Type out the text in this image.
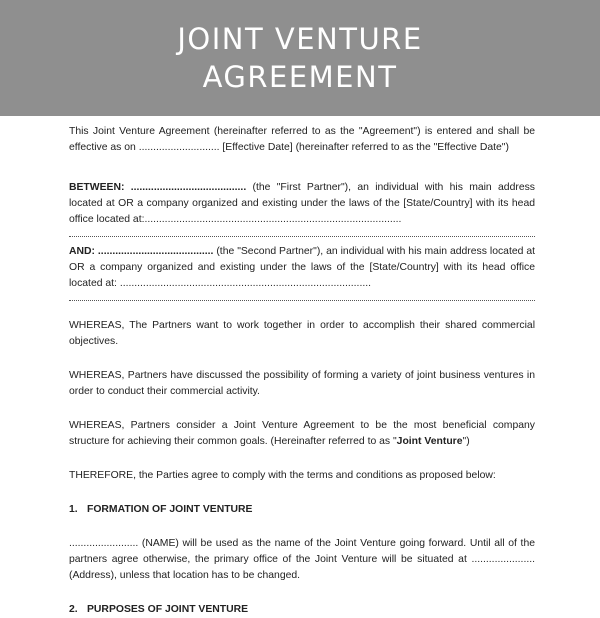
JOINT VENTURE
AGREEMENT

This Joint Venture Agreement (hereinafter referred to as the "Agreement") is entered and shall be effective as on ............................ [Effective Date] (hereinafter referred to as the "Effective Date")

BETWEEN: ........................................ (the "First Partner"), an individual with his main address located at OR a company organized and existing under the laws of the [State/Country] with its head office located at:.........................................................................................

AND: ........................................ (the "Second Partner"), an individual with his main address located at OR a company organized and existing under the laws of the [State/Country] with its head office located at: .......................................................................................

WHEREAS, The Partners want to work together in order to accomplish their shared commercial objectives.

WHEREAS, Partners have discussed the possibility of forming a variety of joint business ventures in order to conduct their commercial activity.

WHEREAS, Partners consider a Joint Venture Agreement to be the most beneficial company structure for achieving their common goals. (Hereinafter referred to as "Joint Venture")

THEREFORE, the Parties agree to comply with the terms and conditions as proposed below:

1. FORMATION OF JOINT VENTURE

........................ (NAME) will be used as the name of the Joint Venture going forward. Until all of the partners agree otherwise, the primary office of the Joint Venture will be situated at ......................(Address), unless that location has to be changed.

2. PURPOSES OF JOINT VENTURE
